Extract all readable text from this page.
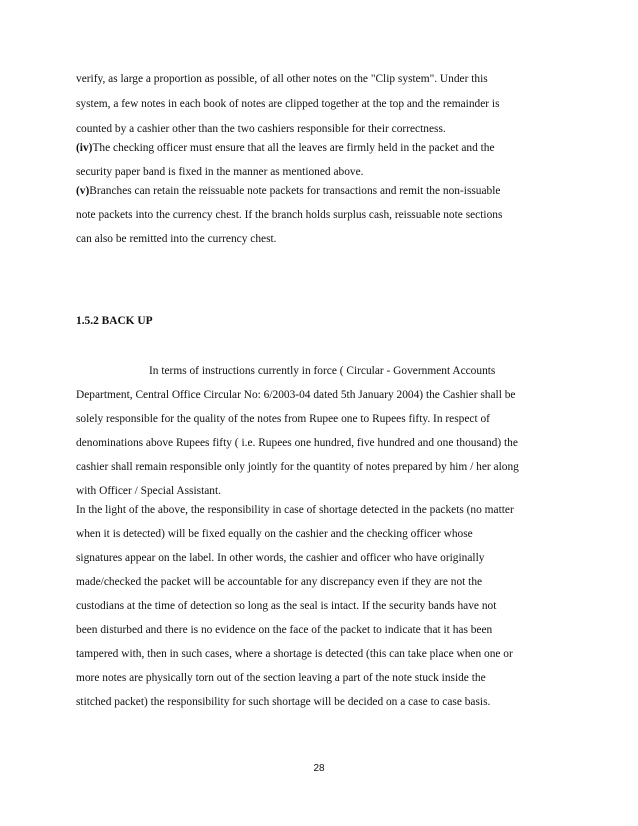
verify, as large a proportion as possible, of all other notes on the "Clip system". Under this
system, a few notes in each book of notes are clipped together at the top and the remainder is
counted by a cashier other than the two cashiers responsible for their correctness.
(iv)The checking officer must ensure that all the leaves are firmly held in the packet and the
security paper band is fixed in the manner as mentioned above.
(v)Branches can retain the reissuable note packets for transactions and remit the non-issuable
note packets into the currency chest. If the branch holds surplus cash, reissuable note sections
can also be remitted into the currency chest.
1.5.2 BACK UP
In terms of instructions currently in force ( Circular - Government Accounts
Department, Central Office Circular No: 6/2003-04 dated 5th January 2004) the Cashier shall be
solely responsible for the quality of the notes from Rupee one to Rupees fifty. In respect of
denominations above Rupees fifty ( i.e. Rupees one hundred, five hundred and one thousand) the
cashier shall remain responsible only jointly for the quantity of notes prepared by him / her along
with Officer / Special Assistant.
In the light of the above, the responsibility in case of shortage detected in the packets (no matter
when it is detected) will be fixed equally on the cashier and the checking officer whose
signatures appear on the label. In other words, the cashier and officer who have originally
made/checked the packet will be accountable for any discrepancy even if they are not the
custodians at the time of detection so long as the seal is intact. If the security bands have not
been disturbed and there is no evidence on the face of the packet to indicate that it has been
tampered with, then in such cases, where a shortage is detected (this can take place when one or
more notes are physically torn out of the section leaving a part of the note stuck inside the
stitched packet) the responsibility for such shortage will be decided on a case to case basis.
28
